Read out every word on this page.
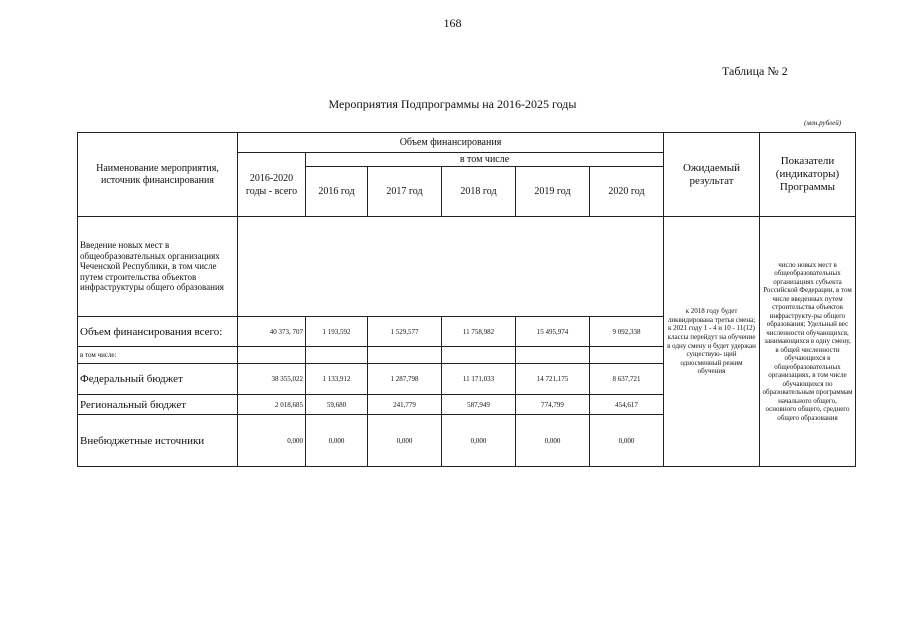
168
Таблица № 2
Мероприятия Подпрограммы на 2016-2025 годы
(млн.рублей)
Наименование мероприятия, источник финансирования	Объем финансирования						Ожидаемый результат	Показатели (индикаторы) Программы
	2016-2020 годы - всего	в том числе						
		2016 год	2017 год	2018 год	2019 год	2020 год		
Введение новых мест в общеобразовательных организациях Чеченской Республики, в том числе путем строительства объектов инфраструктуры общего образования							к 2018 году будет ликвидирована третья смена; к 2021 году 1 - 4 и 10 - 11(12) классы перейдут на обучение в одну смену и будет удержан существую- щий односменный режим обучения	число новых мест в общеобразовательных организациях субъекта Российской Федерации, в том числе введенных путем строительства объектов инфраструкту-ры общего образования; Удельный вес численности обучающихся, занимающихся в одну смену, в общей численности обучающихся в общеобразовательных организациях, в том числе обучающихся по образовательным программам начального общего, основного общего, среднего общего образования
Объем финансирования всего:	40 373, 707	1 193,592	1 529,577	11 758,982	15 495,974	9 092,338		
в том числе:								
Федеральный бюджет	38 355,022	1 133,912	1 287,798	11 171,033	14 721,175	8 637,721		
Региональный бюджет	2 018,685	59,680	241,779	587,949	774,799	454,617		
Внебюджетные источники	0,000	0,000	0,000	0,000	0,000	0,000		
